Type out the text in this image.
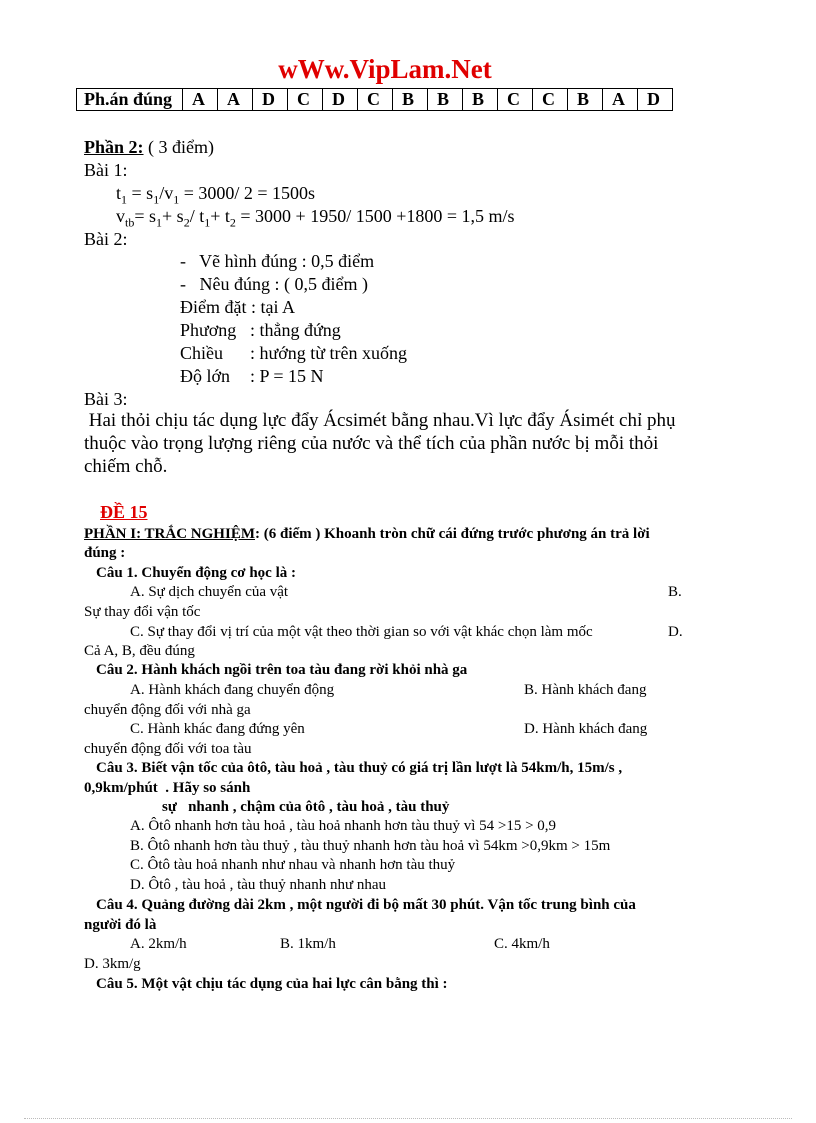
wWw.VipLam.Net
Ph.án đúng	A	A	D	C	D	C	B	B	B	C	C	B	A	D
Phần 2: ( 3 điểm)
Bài 1:
$t_1 = s_1/v_1 = 3000/$ 2 = 1500s
$v_{tb}= s_1+ s_2/$ $t_1+ t_2 = 3000 + 1950/$ 1500 +1800 = 1,5 m/s
Bài 2:
-   Vẽ hình đúng : 0,5 điểm
-   Nêu đúng : ( 0,5 điểm )
Điểm đặt : tại A
Phương : thẳng đứng
Chiều : hướng từ trên xuống
Độ lớn : P = 15 N
Bài 3:
Hai thỏi chịu tác dụng lực đẩy Ácsimét bằng nhau.Vì lực đẩy Ásimét chỉ phụ
thuộc vào trọng lượng riêng của nước và thể tích của phần nước bị mỗi thỏi
chiếm chỗ.
ĐỀ 15
PHẦN I: TRẮC NGHIỆM: (6 điểm ) Khoanh tròn chữ cái đứng trước phương án trả lời
đúng :
Câu 1. Chuyển động cơ học là :
A. Sự dịch chuyển của vật	B.
Sự thay đổi vận tốc
C. Sự thay đổi vị trí của một vật theo thời gian so với vật khác chọn làm mốc	D.
Cả A, B, đều đúng
Câu 2. Hành khách ngồi trên toa tàu đang rời khỏi nhà ga
A. Hành khách đang chuyển động	B. Hành khách đang
chuyển động đối với nhà ga
C. Hành khác đang đứng yên	D. Hành khách đang
chuyển động đối với toa tàu
Câu 3. Biết vận tốc của ôtô, tàu hoả , tàu thuỷ có giá trị lần lượt là 54km/h, 15m/s ,
0,9km/phút  . Hãy so sánh
sự   nhanh , chậm của ôtô , tàu hoả , tàu thuỷ
A. Ôtô nhanh hơn tàu hoả , tàu hoả nhanh hơn tàu thuỷ vì 54 >15 > 0,9
B. Ôtô nhanh hơn tàu thuỷ , tàu thuỷ nhanh hơn tàu hoả vì 54km >0,9km > 15m
C. Ôtô tàu hoả nhanh như nhau và nhanh hơn tàu thuỷ
D. Ôtô , tàu hoả , tàu thuỷ nhanh như nhau
Câu 4. Quảng đường dài 2km , một người đi bộ mất 30 phút. Vận tốc trung bình của
người đó là
A. 2km/h	B. 1km/h	C. 4km/h
D. 3km/g
Câu 5. Một vật chịu tác dụng của hai lực cân bằng thì :
